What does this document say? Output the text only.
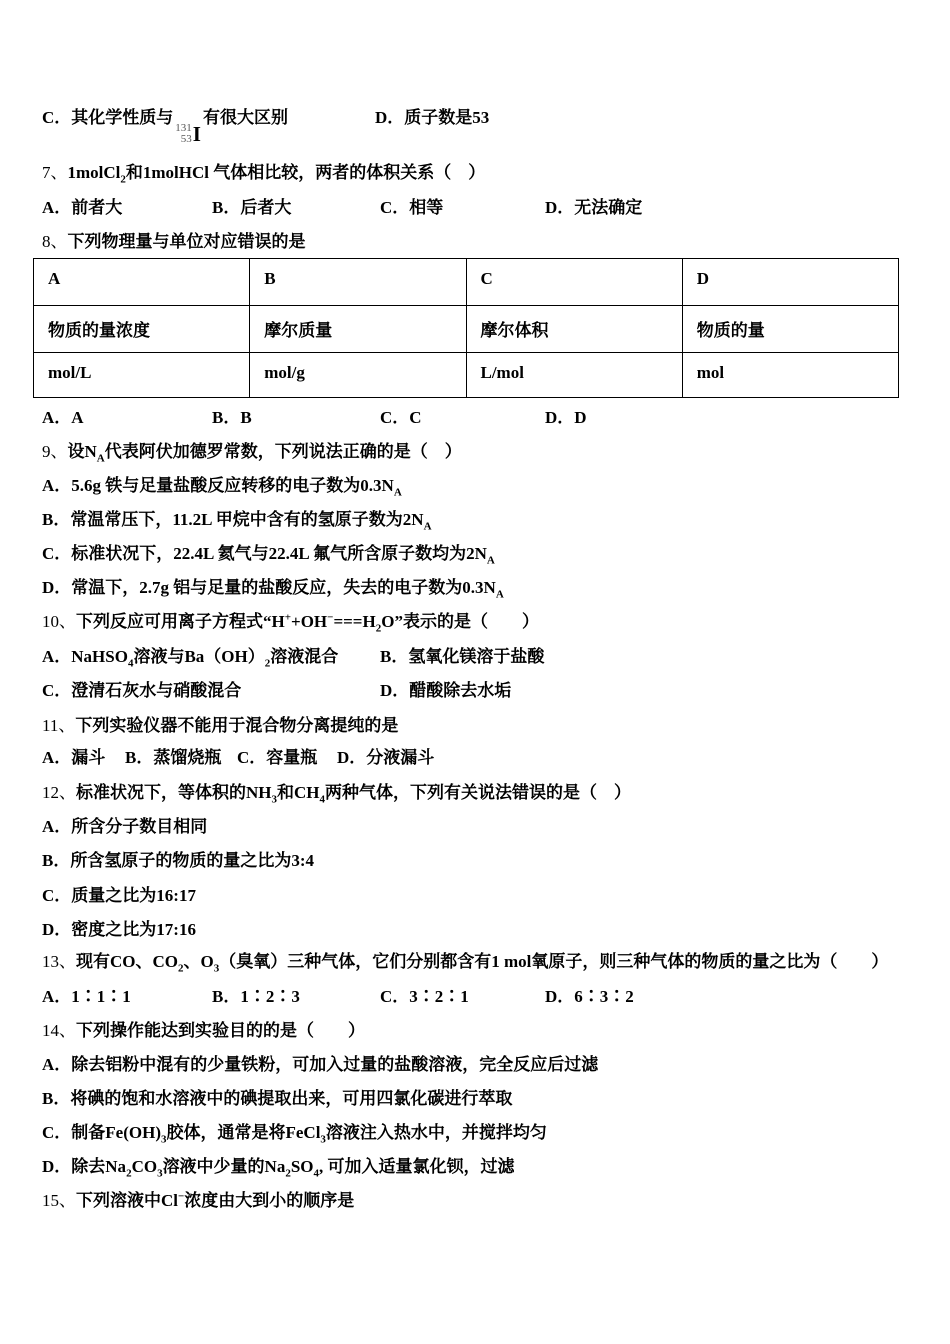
C．其化学性质与
131
53 I
有很大区别	D．质子数是53
7、1molCl$_2$和1molHCl 气体相比较，两者的体积关系（　）
A．前者大	B．后者大	C．相等	D．无法确定
8、下列物理量与单位对应错误的是
A	B	C	D
物质的量浓度	摩尔质量	摩尔体积	物质的量
mol/L	mol/g	L/mol	mol
A．A	B．B	C．C	D．D
9、设$N_A$代表阿伏加德罗常数，下列说法正确的是（　）
A．5.6g 铁与足量盐酸反应转移的电子数为$0.3N_A$
B．常温常压下，11.2L 甲烷中含有的氢原子数为$2N_A$
C．标准状况下，22.4L 氦气与22.4L 氟气所含原子数均为$2N_A$
D．常温下，2.7g 铝与足量的盐酸反应，失去的电子数为$0.3N_A$
10、下列反应可用离子方程式“$H^++OH^-===H_2O$”表示的是（　　）
A．NaHSO$_4$溶液与$Ba(OH)_2$溶液混合 B．氢氧化镁溶于盐酸
C．澄清石灰水与硝酸混合	D．醋酸除去水垢
11、下列实验仪器不能用于混合物分离提纯的是
A．漏斗 B．蒸馏烧瓶 C．容量瓶 D．分液漏斗
12、标准状况下，等体积的$NH_3$和$CH_4$两种气体，下列有关说法错误的是（　）
A．所含分子数目相同
B．所含氢原子的物质的量之比为3:4
C．质量之比为16:17
D．密度之比为17:16
13、现有CO、$CO_2$、$O_3$（臭氧）三种气体，它们分别都含有1 mol氧原子，则三种气体的物质的量之比为（　　）
A．1∶1∶1	B．1∶2∶3	C．3∶2∶1	D．6∶3∶2
14、下列操作能达到实验目的的是（　　）
A．除去铝粉中混有的少量铁粉，可加入过量的盐酸溶液，完全反应后过滤
B．将碘的饱和水溶液中的碘提取出来，可用四氯化碳进行萃取
C．制备$Fe(OH)_3$胶体，通常是将FeCl$_3$溶液注入热水中，并搅拌均匀
D．除去$Na_2CO_3$溶液中少量的$Na_2SO_4$, 可加入适量氯化钡，过滤
15、下列溶液中Cl−浓度由大到小的顺序是
